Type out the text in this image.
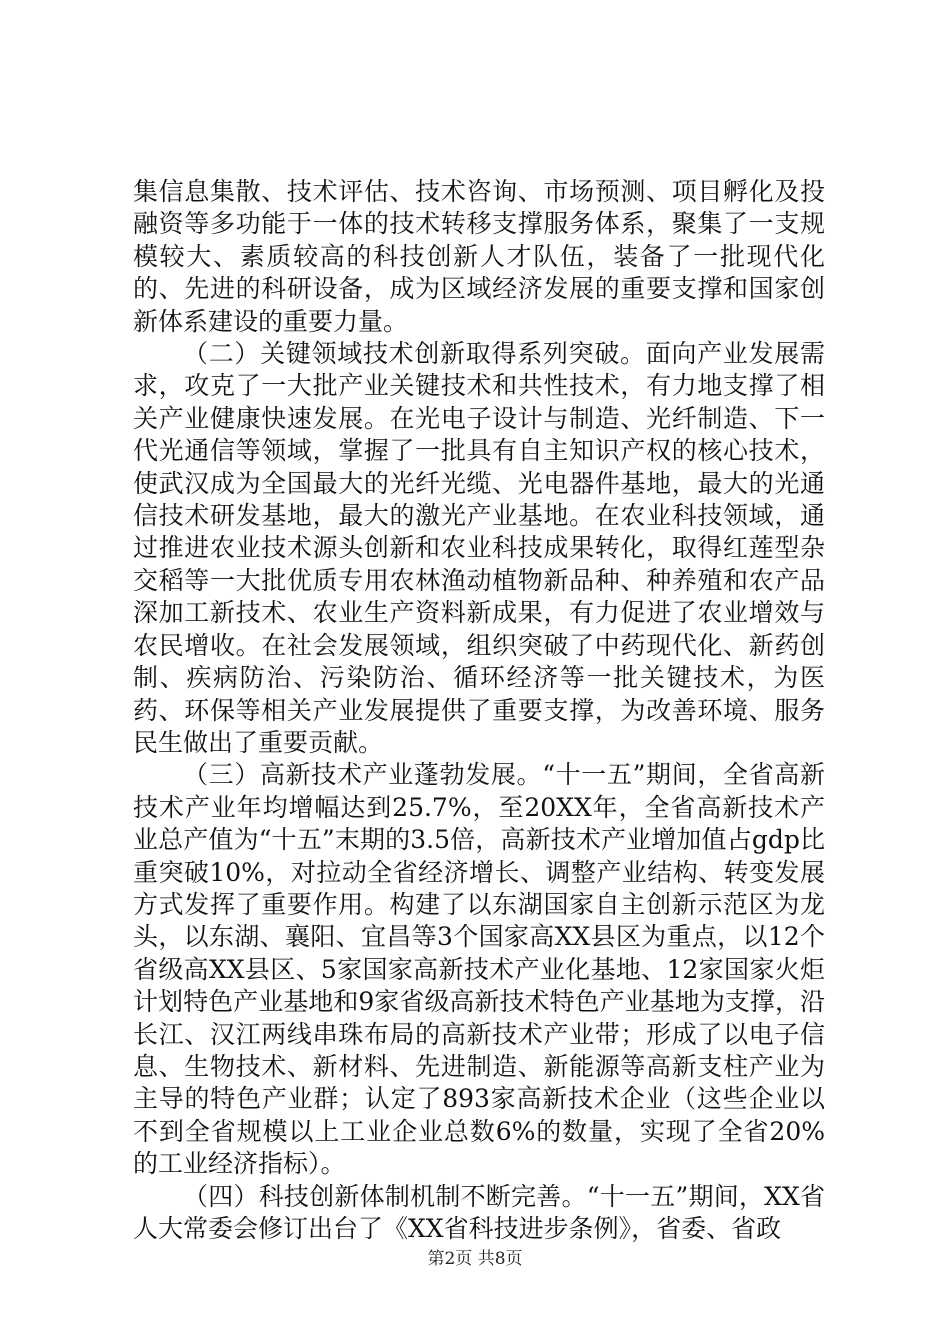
集信息集散、技术评估、技术咨询、市场预测、项目孵化及投融资等多功能于一体的技术转移支撑服务体系，聚集了一支规模较大、素质较高的科技创新人才队伍，装备了一批现代化的、先进的科研设备，成为区域经济发展的重要支撑和国家创新体系建设的重要力量。

（二）关键领域技术创新取得系列突破。面向产业发展需求，攻克了一大批产业关键技术和共性技术，有力地支撑了相关产业健康快速发展。在光电子设计与制造、光纤制造、下一代光通信等领域，掌握了一批具有自主知识产权的核心技术，使武汉成为全国最大的光纤光缆、光电器件基地，最大的光通信技术研发基地，最大的激光产业基地。在农业科技领域，通过推进农业技术源头创新和农业科技成果转化，取得红莲型杂交稻等一大批优质专用农林渔动植物新品种、种养殖和农产品深加工新技术、农业生产资料新成果，有力促进了农业增效与农民增收。在社会发展领域，组织突破了中药现代化、新药创制、疾病防治、污染防治、循环经济等一批关键技术，为医药、环保等相关产业发展提供了重要支撑，为改善环境、服务民生做出了重要贡献。

（三）高新技术产业蓬勃发展。“十一五”期间，全省高新技术产业年均增幅达到25.7%，至20XX年，全省高新技术产业总产值为“十五”末期的3.5倍，高新技术产业增加值占gdp比重突破10%，对拉动全省经济增长、调整产业结构、转变发展方式发挥了重要作用。构建了以东湖国家自主创新示范区为龙头，以东湖、襄阳、宜昌等3个国家高XX县区为重点，以12个省级高XX县区、5家国家高新技术产业化基地、12家国家火炬计划特色产业基地和9家省级高新技术特色产业基地为支撑，沿长江、汉江两线串珠布局的高新技术产业带；形成了以电子信息、生物技术、新材料、先进制造、新能源等高新支柱产业为主导的特色产业群；认定了893家高新技术企业（这些企业以不到全省规模以上工业企业总数6%的数量，实现了全省20%的工业经济指标）。

（四）科技创新体制机制不断完善。“十一五”期间，XX省人大常委会修订出台了《XX省科技进步条例》，省委、省政

第2页 共8页
